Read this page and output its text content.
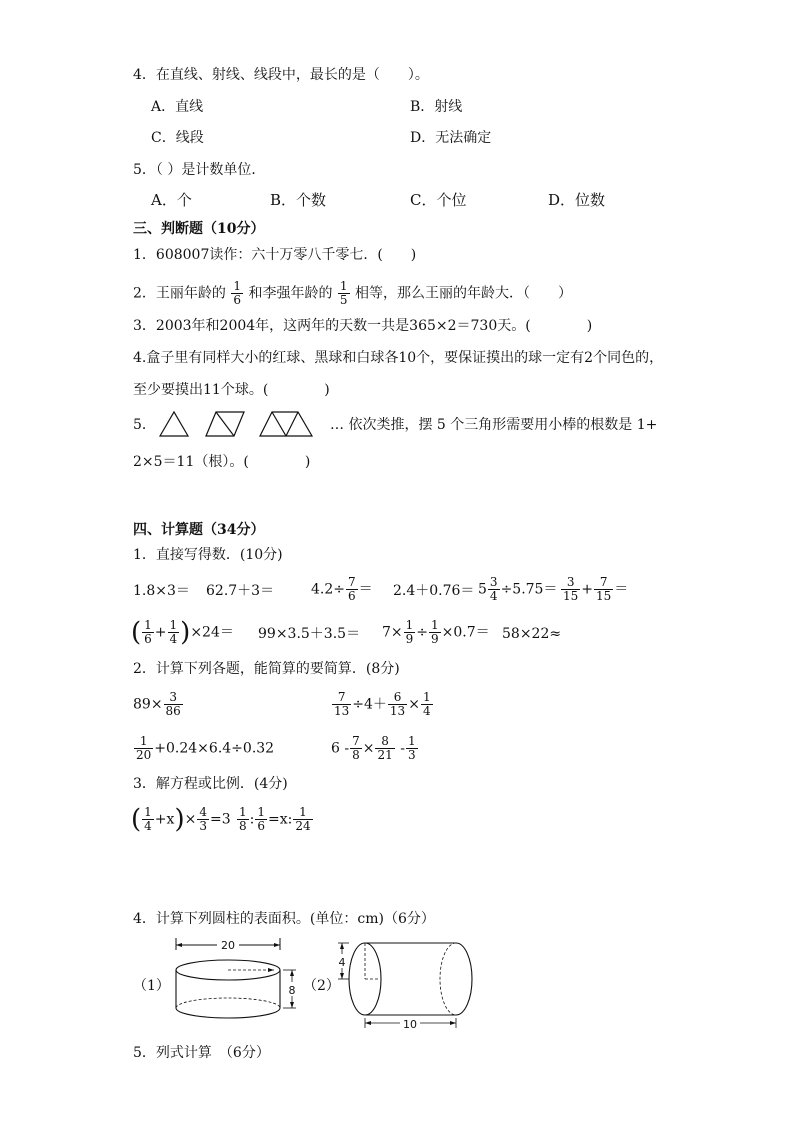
4．在直线、射线、线段中，最长的是（　　）。
A．直线	B．射线
C．线段	D．无法确定
5．（ ）是计数单位．
A．个	B．个数	C．个位	D．位数
三、判断题（10分）
1．608007读作：六十万零八千零七．(　　)
2．王丽年龄的 $\frac{1}{6}$ 和李强年龄的 $\frac{1}{5}$ 相等，那么王丽的年龄大．（　　）
3．2003年和2004年，这两年的天数一共是365×2＝730天。(　　　　)
4.盒子里有同样大小的红球、黑球和白球各10个，要保证摸出的球一定有2个同色的，
至少要摸出11个球。(　　　　)
5．	… 依次类推，摆 5 个三角形需要用小棒的根数是 1+
2×5＝11（根）。(　　　　)
四、计算题（34分）
1．直接写得数．(10分)
1.8×3＝ 62.7＋3＝	$4.2\div \frac{7}{6} = 2.4+0.76= 5 \frac{3}{4} \div 5.75= \frac{3}{15} + \frac{7}{15}$ ＝
( $\frac{1}{6} + \frac{1}{4} )\times 24= 99\times 3.5+3.5= 7\times \frac{1}{9} \div \frac{1}{9} \times 0.7= 58\times 22\approx$
2．计算下列各题，能简算的要简算．(8分)
$89\times \frac{3}{86}$	$\frac{7}{13} \div 4+ \frac{6}{13} \times \frac{1}{4}$
$\frac{1}{20} +0.24\times 6.4\div 0.32$	$6 - \frac{7}{8} \times \frac{8}{21} - \frac{1}{3}$
3．解方程或比例．(4分)
( $\frac{1}{4} +x)\times \frac{4}{3} =3 \frac{1}{8}$ : $\frac{1}{6} =x$: $\frac{1}{24}$
4．计算下列圆柱的表面积。(单位：cm)（6分）
（1）
20
8 （2）
4
10
5．列式计算　（6分）
